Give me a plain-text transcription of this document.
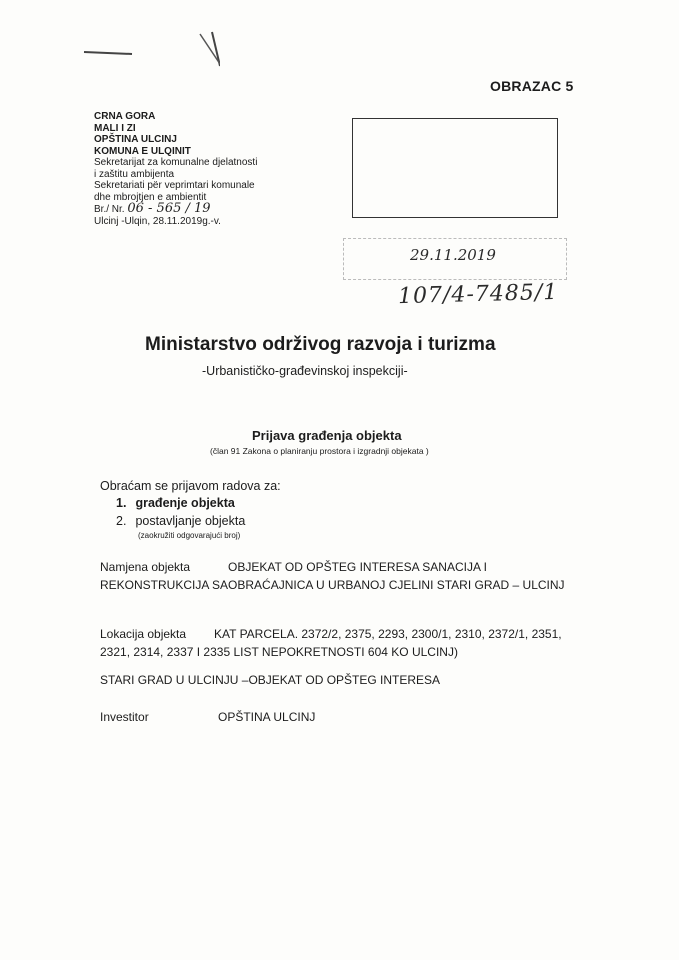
OBRAZAC 5
CRNA GORA
MALI I ZI
OPŠTINA ULCINJ
KOMUNA E ULQINIT
Sekretarijat za komunalne djelatnosti
i zaštitu ambijenta
Sekretariati për veprimtari komunale
dhe mbrojtjen e ambientit
Br./ Nr. 06 - 565 / 19
Ulcinj -Ulqin, 28.11.2019g.-v.
29.11.2019
107/4-7485/1
Ministarstvo održivog razvoja i turizma
-Urbanističko-građevinskoj inspekciji-
Prijava građenja objekta
(član 91 Zakona o planiranju prostora i izgradnji objekata )
Obraćam se prijavom radova za:
1. građenje objekta
2. postavljanje objekta
(zaokružiti odgovarajući broj)
Namjena objekta	OBJEKAT OD OPŠTEG INTERESA SANACIJA I REKONSTRUKCIJA SAOBRAĆAJNICA U URBANOJ CJELINI STARI GRAD – ULCINJ
Lokacija objekta KAT PARCELA. 2372/2, 2375, 2293, 2300/1, 2310, 2372/1, 2351, 2321, 2314, 2337 I 2335 LIST NEPOKRETNOSTI 604 KO ULCINJ)
STARI GRAD U ULCINJU –OBJEKAT OD OPŠTEG INTERESA
Investitor	OPŠTINA ULCINJ
